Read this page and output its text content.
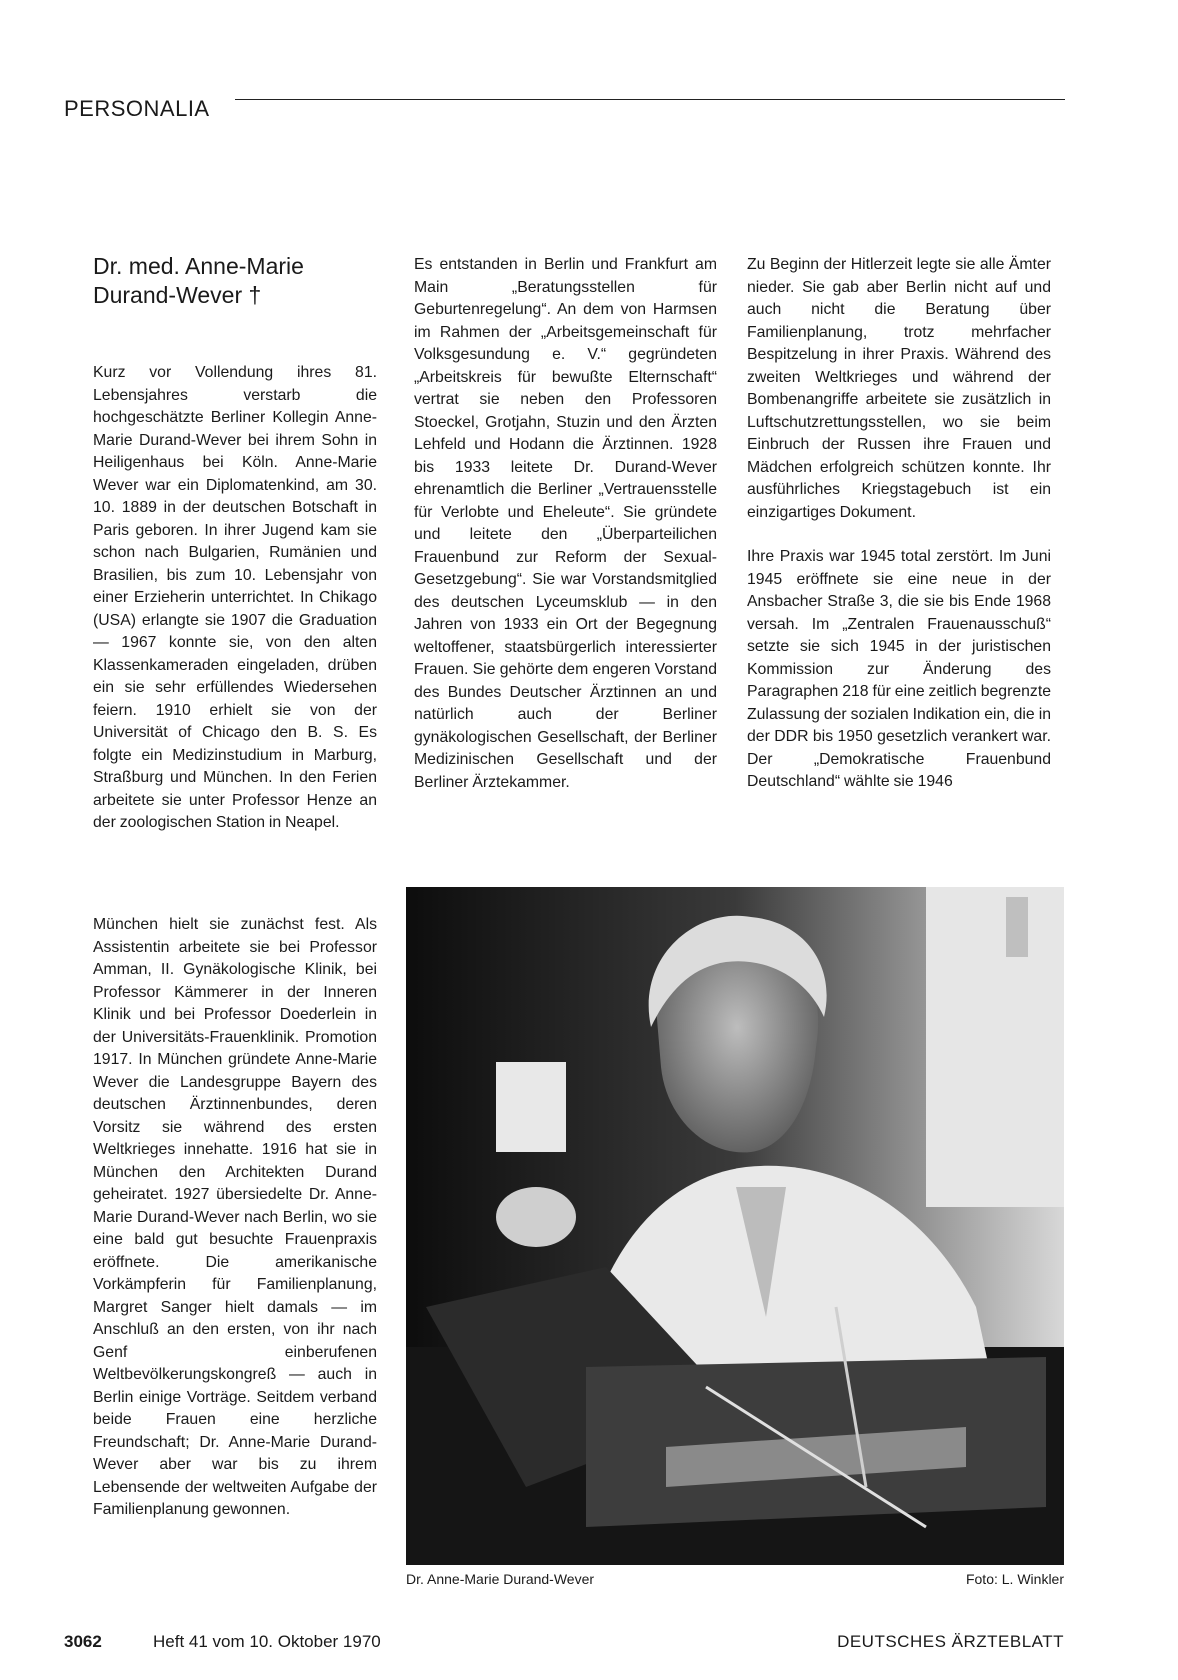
PERSONALIA
Dr. med. Anne-Marie Durand-Wever †

Kurz vor Vollendung ihres 81. Lebensjahres verstarb die hochgeschätzte Berliner Kollegin Anne-Marie Durand-Wever bei ihrem Sohn in Heiligenhaus bei Köln. Anne-Marie Wever war ein Diplomatenkind, am 30. 10. 1889 in der deutschen Botschaft in Paris geboren. In ihrer Jugend kam sie schon nach Bulgarien, Rumänien und Brasilien, bis zum 10. Lebensjahr von einer Erzieherin unterrichtet. In Chikago (USA) erlangte sie 1907 die Graduation — 1967 konnte sie, von den alten Klassenkameraden eingeladen, drüben ein sie sehr erfüllendes Wiedersehen feiern. 1910 erhielt sie von der Universität of Chicago den B. S. Es folgte ein Medizinstudium in Marburg, Straßburg und München. In den Ferien arbeitete sie unter Professor Henze an der zoologischen Station in Neapel.

München hielt sie zunächst fest. Als Assistentin arbeitete sie bei Professor Amman, II. Gynäkologische Klinik, bei Professor Kämmerer in der Inneren Klinik und bei Professor Doederlein in der Universitäts-Frauenklinik. Promotion 1917. In München gründete Anne-Marie Wever die Landesgruppe Bayern des deutschen Ärztinnenbundes, deren Vorsitz sie während des ersten Weltkrieges innehatte. 1916 hat sie in München den Architekten Durand geheiratet. 1927 übersiedelte Dr. Anne-Marie Durand-Wever nach Berlin, wo sie eine bald gut besuchte Frauenpraxis eröffnete. Die amerikanische Vorkämpferin für Familienplanung, Margret Sanger hielt damals — im Anschluß an den ersten, von ihr nach Genf einberufenen Weltbevölkerungskongreß — auch in Berlin einige Vorträge. Seitdem verband beide Frauen eine herzliche Freundschaft; Dr. Anne-Marie Durand-Wever aber war bis zu ihrem Lebensende der weltweiten Aufgabe der Familienplanung gewonnen.

Es entstanden in Berlin und Frankfurt am Main „Beratungsstellen für Geburtenregelung“. An dem von Harmsen im Rahmen der „Arbeitsgemeinschaft für Volksgesundung e. V.“ gegründeten „Arbeitskreis für bewußte Elternschaft“ vertrat sie neben den Professoren Stoeckel, Grotjahn, Stuzin und den Ärzten Lehfeld und Hodann die Ärztinnen. 1928 bis 1933 leitete Dr. Durand-Wever ehrenamtlich die Berliner „Vertrauensstelle für Verlobte und Eheleute“. Sie gründete und leitete den „Überparteilichen Frauenbund zur Reform der Sexual-Gesetzgebung“. Sie war Vorstandsmitglied des deutschen Lyceumsklub — in den Jahren von 1933 ein Ort der Begegnung weltoffener, staatsbürgerlich interessierter Frauen. Sie gehörte dem engeren Vorstand des Bundes Deutscher Ärztinnen an und natürlich auch der Berliner gynäkologischen Gesellschaft, der Berliner Medizinischen Gesellschaft und der Berliner Ärztekammer.

Zu Beginn der Hitlerzeit legte sie alle Ämter nieder. Sie gab aber Berlin nicht auf und auch nicht die Beratung über Familienplanung, trotz mehrfacher Bespitzelung in ihrer Praxis. Während des zweiten Weltkrieges und während der Bombenangriffe arbeitete sie zusätzlich in Luftschutzrettungsstellen, wo sie beim Einbruch der Russen ihre Frauen und Mädchen erfolgreich schützen konnte. Ihr ausführliches Kriegstagebuch ist ein einzigartiges Dokument.

Ihre Praxis war 1945 total zerstört. Im Juni 1945 eröffnete sie eine neue in der Ansbacher Straße 3, die sie bis Ende 1968 versah. Im „Zentralen Frauenausschuß“ setzte sie sich 1945 in der juristischen Kommission zur Änderung des Paragraphen 218 für eine zeitlich begrenzte Zulassung der sozialen Indikation ein, die in der DDR bis 1950 gesetzlich verankert war. Der „Demokratische Frauenbund Deutschland“ wählte sie 1946

Dr. Anne-Marie Durand-Wever	Foto: L. Winkler
3062	Heft 41 vom 10. Oktober 1970	DEUTSCHES ÄRZTEBLATT
